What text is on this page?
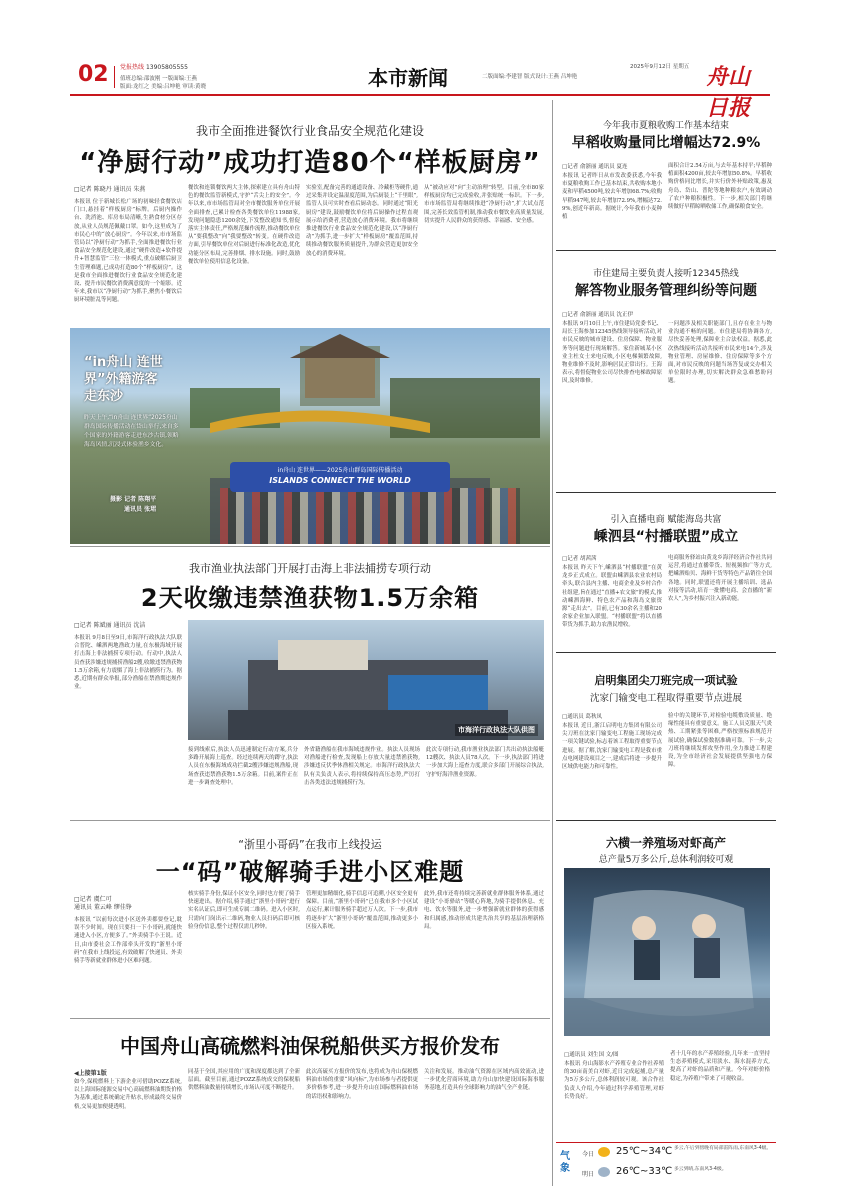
02 党报热线 13905805555
值班总编:邵波刚 一版面编:王燕
版面:龙红之 美编:吕坤艳 审读:黄晓	本市新闻	二版面编:李建智 版式设计:王燕 吕坤艳
2025年9月12日 星期五 舟山日报
我市全面推进餐饮行业食品安全规范化建设
“净厨行动”成功打造80个“样板厨房”
□记者 陈晓丹 通讯员 朱燕
本报讯 位于新城长松广场的初味轻食餐饮店门口,悬挂着“样板厨房”标牌。后厨内操作台、洗消池、库房布局清晰,生熟食材分区存放,从业人员规范佩戴口罩。如今,这里成为了市民心中的“放心厨房”。今年以来,市市场监管局以“净厨行动”为抓手,全面推进餐饮行业食品安全规范化建设,通过“硬件改造+软件提升+智慧监管”三位一体模式,重点破解后厨卫生管理难题,已成功打造80个“样板厨房”。这是我市全面推进餐饮行业食品安全规范化建设、提升市民餐饮消费满意度的一个缩影。近年来,我市以“净厨行动”为抓手,聚焦小餐饮后厨环境脏乱等问题。
餐饮和连锁餐饮两大主体,探索建立具有舟山特色的餐饮监管新模式,守护“舌尖上的安全”。今年以来,市市场监管局对全市餐饮服务单位开展全面排查,已累计检查各类餐饮单位11988家,发现问题隐患1200余处,下发整改通知书,督促落实主体责任,严格规范操作流程,推动餐饮单位从“要我整改”向“我要整改”转变。在硬件改造方面,引导餐饮单位对后厨进行标准化改造,优化功能分区布局,完善排烟、排水设施。同时,鼓励餐饮单位使用信息化设备。
实验室,配备完善的通道设备、冷藏柜等硬件,通过采集并设定温湿度范围,为后厨装上“千里眼”,监管人员可实时查看后厨动态。同时通过“阳光厨房”建设,鼓励餐饮单位将后厨操作过程直观展示给消费者,营造放心消费环境。我市将继续推进餐饮行业食品安全规范化建设,以“净厨行动”为抓手,进一步扩大“样板厨房”覆盖范围,持续推动餐饮服务质量提升,为群众营造更加安全放心的消费环境。
从“被动应对”向“主动治理”转型。目前,全市80家样板厨房均已完成验收,并张贴统一标识。下一步,市市场监管局将继续推进“净厨行动”,扩大试点范围,完善长效监管机制,推动我市餐饮业高质量发展,切实提升人民群众的获得感、幸福感、安全感。
今年我市夏粮收购工作基本结束
早稻收购量同比增幅达72.9%
□记者 俞浙丽 通讯员 夏连
本报讯 记者昨日从市发改委获悉,今年我市夏粮收购工作已基本结束,共收购本地小麦和早稻4500吨,较去年增加68.7%;收购早稻947吨,较去年增加72.9%,增幅达72.9%,创近年新高。据统计,今年我市小麦种植
面积合计2.54万亩,与去年基本持平;早稻种植面积4200亩,较去年增加50.8%。早稻收购价格同比增长,并实行价外补贴政策,惠及舟岛、岱山、普陀等地种粮农户,有效调动了农户种粮积极性。下一步,相关部门将继续做好早稻晾晒收储工作,确保粮食安全。
市住建局主要负责人接听12345热线
解答物业服务管理纠纷等问题
□记者 俞浙丽 通讯员 沈正伊
本报讯 9月10日上午,市住建局党委书记、局长王海参加12345热线领导接听活动,对市民反映的城市建设、住房保障、物业服务等问题进行现场解答。家住新城某小区业主杜女士来电反映,小区电梯频繁故障,物业维修不及时,影响居民正常出行。王海表示,将督促物业公司尽快排查电梯故障原因,及时维修。
一问题涉及相关职能部门,且存在业主与物业沟通不畅的问题。市住建局将协调各方,尽快妥善处理,保障业主合法权益。据悉,此次热线接听活动共接听市民来电14个,涉及物业管理、房屋维修、住房保障等多个方面,对市民反映的问题当场答复或交办相关单位限时办理,切实解决群众急难愁盼问题。
引入直播电商 赋能海岛共富
嵊泗县“村播联盟”成立
□记者 胡茜茜
本报讯 昨天下午,嵊泗县“村播联盟”在黄龙乡正式成立。联盟由嵊泗县农业农村局牵头,联合县内主播、电商企业及乡村合作社组建,旨在通过“直播+农文旅”的模式,推动嵊泗海鲜、特色农产品和海岛文旅资源“走出去”。目前,已有30余名主播和20余家企业加入联盟。“村播联盟”将以直播带货为抓手,助力农渔民增收。
电商服务驿站由黄龙乡海洋经济合作社共同运营,将通过直播带货、短视频推广等方式,把嵊泗贻贝、海鲜干货等特色产品销往全国各地。同时,联盟还将开展主播培训、选品对接等活动,培育一批懂电商、会直播的“新农人”,为乡村振兴注入新动能。
in舟山 连世界——2025舟山群岛国际传播活动
ISLANDS CONNECT THE WORLD
“in舟山 连世界”外籍游客走东沙
昨天上午,“in舟山 连世界”2025舟山群岛国际传播活动在岱山举行,来自多个国家的外籍游客走进东沙古镇,领略海岛风情,沉浸式体验渔乡文化。
摄影 记者 陈翔平
通讯员 张珺
我市渔业执法部门开展打击海上非法捕捞专项行动
2天收缴违禁渔获物1.5万余箱
□记者 陈斌丽 通讯员 沈洁
本报讯 9月8日至9日,市海洋行政执法大队联合普陀、嵊泗两地渔政力量,在东极海域开展打击海上非法捕捞专项行动。行动中,执法人员查获涉嫌违规捕捞渔船2艘,收缴违禁渔获物1.5万余箱,有力震慑了海上非法捕捞行为。据悉,近期有群众举报,部分渔船在禁渔期违规作业。
市海洋行政执法大队供图
接到线索后,执法人员迅速制定行动方案,兵分多路开展海上巡查。经过连续两天的蹲守,执法人员在东极海域成功拦截2艘涉嫌违规渔船,现场查获违禁渔获物1.5万余箱。目前,案件正在进一步调查处理中。
外省籍渔船在我市海域违规作业。执法人员现场对渔船进行检查,发现船上存放大量违禁渔获物,涉嫌违反伏季休渔相关规定。市海洋行政执法大队有关负责人表示,将持续保持高压态势,严厉打击各类违法违规捕捞行为。
此次专项行动,我市渔业执法部门共出动执法船艇12艘次、执法人员78人次。下一步,执法部门将进一步加大海上巡查力度,联合多部门开展综合执法,守护好海洋渔业资源。
启明集团尖刀班完成一项试验
沈家门输变电工程取得重要节点进展
□通讯员 葛秋凤
本报讯 近日,浙江启明电力集团有限公司尖刀班在沈家门输变电工程施工现场完成一项关键试验,标志着该工程取得重要节点进展。据了解,沈家门输变电工程是我市重点电网建设项目之一,建成后将进一步提升区域供电能力和可靠性。
验中的关键环节,对检验电缆敷设质量、绝缘性能具有重要意义。施工人员克服天气炎热、工期紧张等困难,严格按照标准规范开展试验,确保试验数据准确可靠。下一步,尖刀班将继续发挥攻坚作用,全力推进工程建设,为全市经济社会发展提供坚强电力保障。
“浙里小哥码”在我市上线投运
一“码”破解骑手进小区难题
□记者 虞仁可
通讯员 董云峰 缪佳铮
本报讯 “以前每次进小区送外卖都要登记,耽误不少时间。现在只要扫一下小哥码,就能快速进入小区,方便多了。”外卖骑手小王说。近日,由市委社会工作部牵头开发的“浙里小哥码”在我市上线投运,有效破解了快递员、外卖骑手等新就业群体进小区难问题。
核实骑手身份,保证小区安全,同时也方便了骑手快速进出。据介绍,骑手通过“浙里小哥码”进行实名认证后,即可生成专属二维码。进入小区时,只需向门岗出示二维码,物业人员扫码后即可核验身份信息,整个过程仅需几秒钟。
管理更加精细化,骑手信息可追溯,小区安全更有保障。目前,“浙里小哥码”已在我市多个小区试点运行,累计服务骑手超过万人次。下一步,我市将逐步扩大“浙里小哥码”覆盖范围,推动更多小区接入系统。
此外,我市还将持续完善新就业群体服务体系,通过建设“小哥驿站”等暖心阵地,为骑手提供休息、充电、饮水等服务,进一步增强新就业群体的获得感和归属感,推动形成共建共治共享的基层治理新格局。
六横一养殖场对虾高产
总产量5万多公斤,总体利润较可观
□通讯员 刘生国 文/图
本报讯 舟山海影水产养殖专业合作社养殖的30亩南美白对虾,近日完成起捕,总产量为5万多公斤,总体利润较可观。该合作社负责人介绍,今年通过科学养殖管理,对虾长势良好。
者十几年的水产养殖经验,几年来一直坚持生态养殖模式,采用淡水、海水混养方式,提高了对虾的品质和产量。今年对虾价格稳定,为养殖户带来了可观收益。
中国舟山高硫燃料油保税船供买方报价发布
◀上接第1版
如今,保税燃料上下游企业可借助POZZ系统,以上海国际能源交易中心高硫燃料油期货价格为基准,通过系统确定升贴水,形成最终交易价格,交易更加便捷透明。
同基于全国,其应用的广度和深度都达到了全新层面。截至目前,通过POZZ系统成交的保税船供燃料油数量持续增长,市场认可度不断提升。
此次高硫买方报价的发布,也将成为舟山保税燃料油市场的重要“风向标”,为市场参与者提供更多价格参考,进一步提升舟山在国际燃料油市场的话语权和影响力。
关注和发展。推动油气资源在区域内高效流动,进一步优化营商环境,助力舟山加快建设国际海事服务基地,打造具有全球影响力的油气全产业链。
气象
今日 25℃~34℃ 多云,午后到傍晚有局部雷阵雨,东南风3-4级。
明日 26℃~33℃ 多云到晴,东南风3-4级。
